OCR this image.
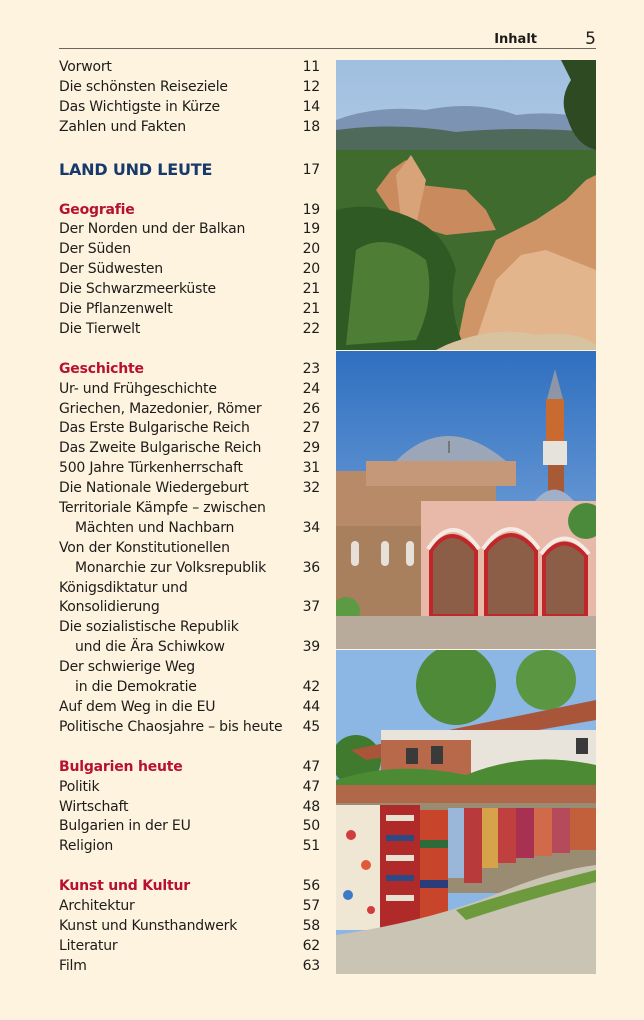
Inhalt	5
Vorwort	11
Die schönsten Reiseziele	12
Das Wichtigste in Kürze	14
Zahlen und Fakten	18
LAND UND LEUTE	17
Geografie	19
Der Norden und der Balkan	19
Der Süden	20
Der Südwesten	20
Die Schwarzmeerküste	21
Die Pflanzenwelt	21
Die Tierwelt	22
Geschichte	23
Ur- und Frühgeschichte	24
Griechen, Mazedonier, Römer	26
Das Erste Bulgarische Reich	27
Das Zweite Bulgarische Reich	29
500 Jahre Türkenherrschaft	31
Die Nationale Wiedergeburt	32
Territoriale Kämpfe – zwischen
Mächten und Nachbarn	34
Von der Konstitutionellen
Monarchie zur Volksrepublik	36
Königsdiktatur und
Konsolidierung	37
Die sozialistische Republik
und die Ära Schiwkow	39
Der schwierige Weg
in die Demokratie	42
Auf dem Weg in die EU	44
Politische Chaosjahre – bis heute 45
Bulgarien heute	47
Politik	47
Wirtschaft	48
Bulgarien in der EU	50
Religion	51
Kunst und Kultur	56
Architektur	57
Kunst und Kunsthandwerk	58
Literatur	62
Film	63
